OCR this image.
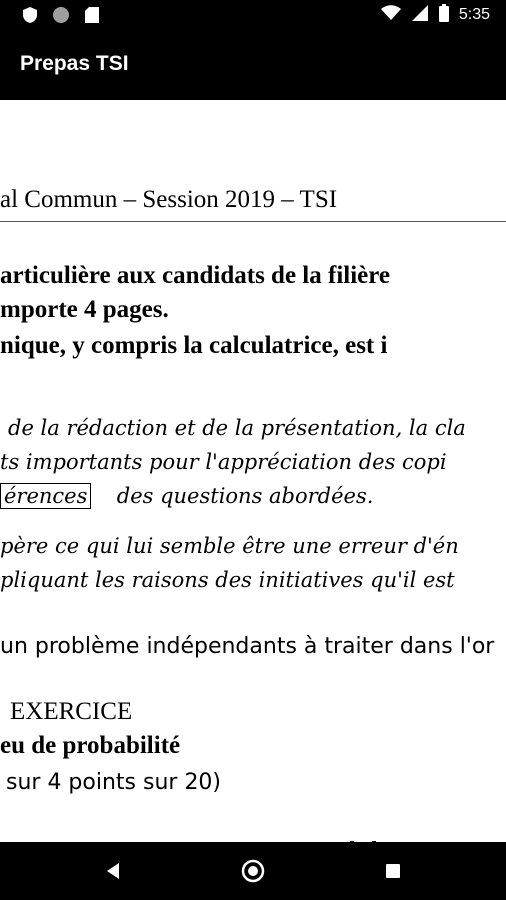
5:35
Prepas TSI
al Commun – Session 2019 – TSI
articulière aux candidats de la filière
mporte 4 pages.
nique, y compris la calculatrice, est i
de la rédaction et de la présentation, la cla
ts importants pour l'appréciation des copi
érences des questions abordées.
père ce qui lui semble être une erreur d'én
pliquant les raisons des initiatives qu'il est
un problème indépendants à traiter dans l'or
EXERCICE
eu de probabilité
sur 4 points sur 20)
